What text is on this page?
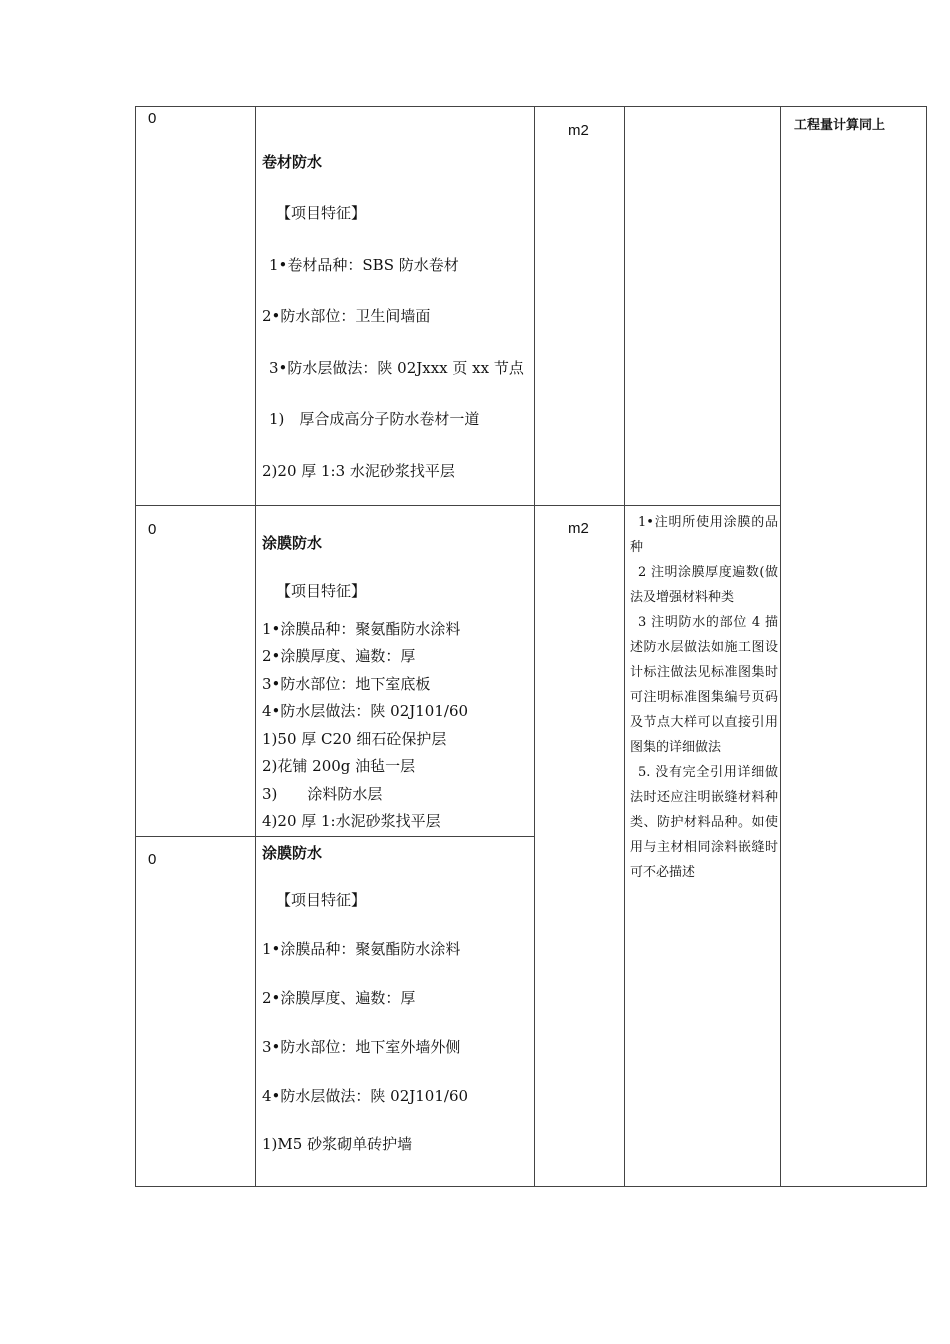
0
卷材防水
【项目特征】
1•卷材品种：SBS 防水卷材
2•防水部位：卫生间墙面
3•防水层做法：陕 02Jxxx 页 xx 节点
1)　厚合成高分子防水卷材一道
2)20 厚 1:3 水泥砂浆找平层
m2
0
涂膜防水
【项目特征】
1•涂膜品种：聚氨酯防水涂料
2•涂膜厚度、遍数：厚
3•防水部位：地下室底板
4•防水层做法：陕 02J101/60
1)50 厚 C20 细石砼保护层
2)花铺 200g 油毡一层
3)　　涂料防水层
4)20 厚 1:水泥砂浆找平层
m2
0	涂膜防水
【项目特征】
1•涂膜品种：聚氨酯防水涂料
2•涂膜厚度、遍数：厚
3•防水部位：地下室外墙外侧
4•防水层做法：陕 02J101/60
1)M5 砂浆砌单砖护墙
1•注明所使用涂膜的品种
2 注明涂膜厚度遍数(做法及增强材料种类
3 注明防水的部位 4 描述防水层做法如施工图设计标注做法见标准图集时可注明标准图集编号页码及节点大样可以直接引用图集的详细做法
5. 没有完全引用详细做法时还应注明嵌缝材料种类、防护材料品种。如使用与主材相同涂料嵌缝时可不必描述
工程量计算同上
